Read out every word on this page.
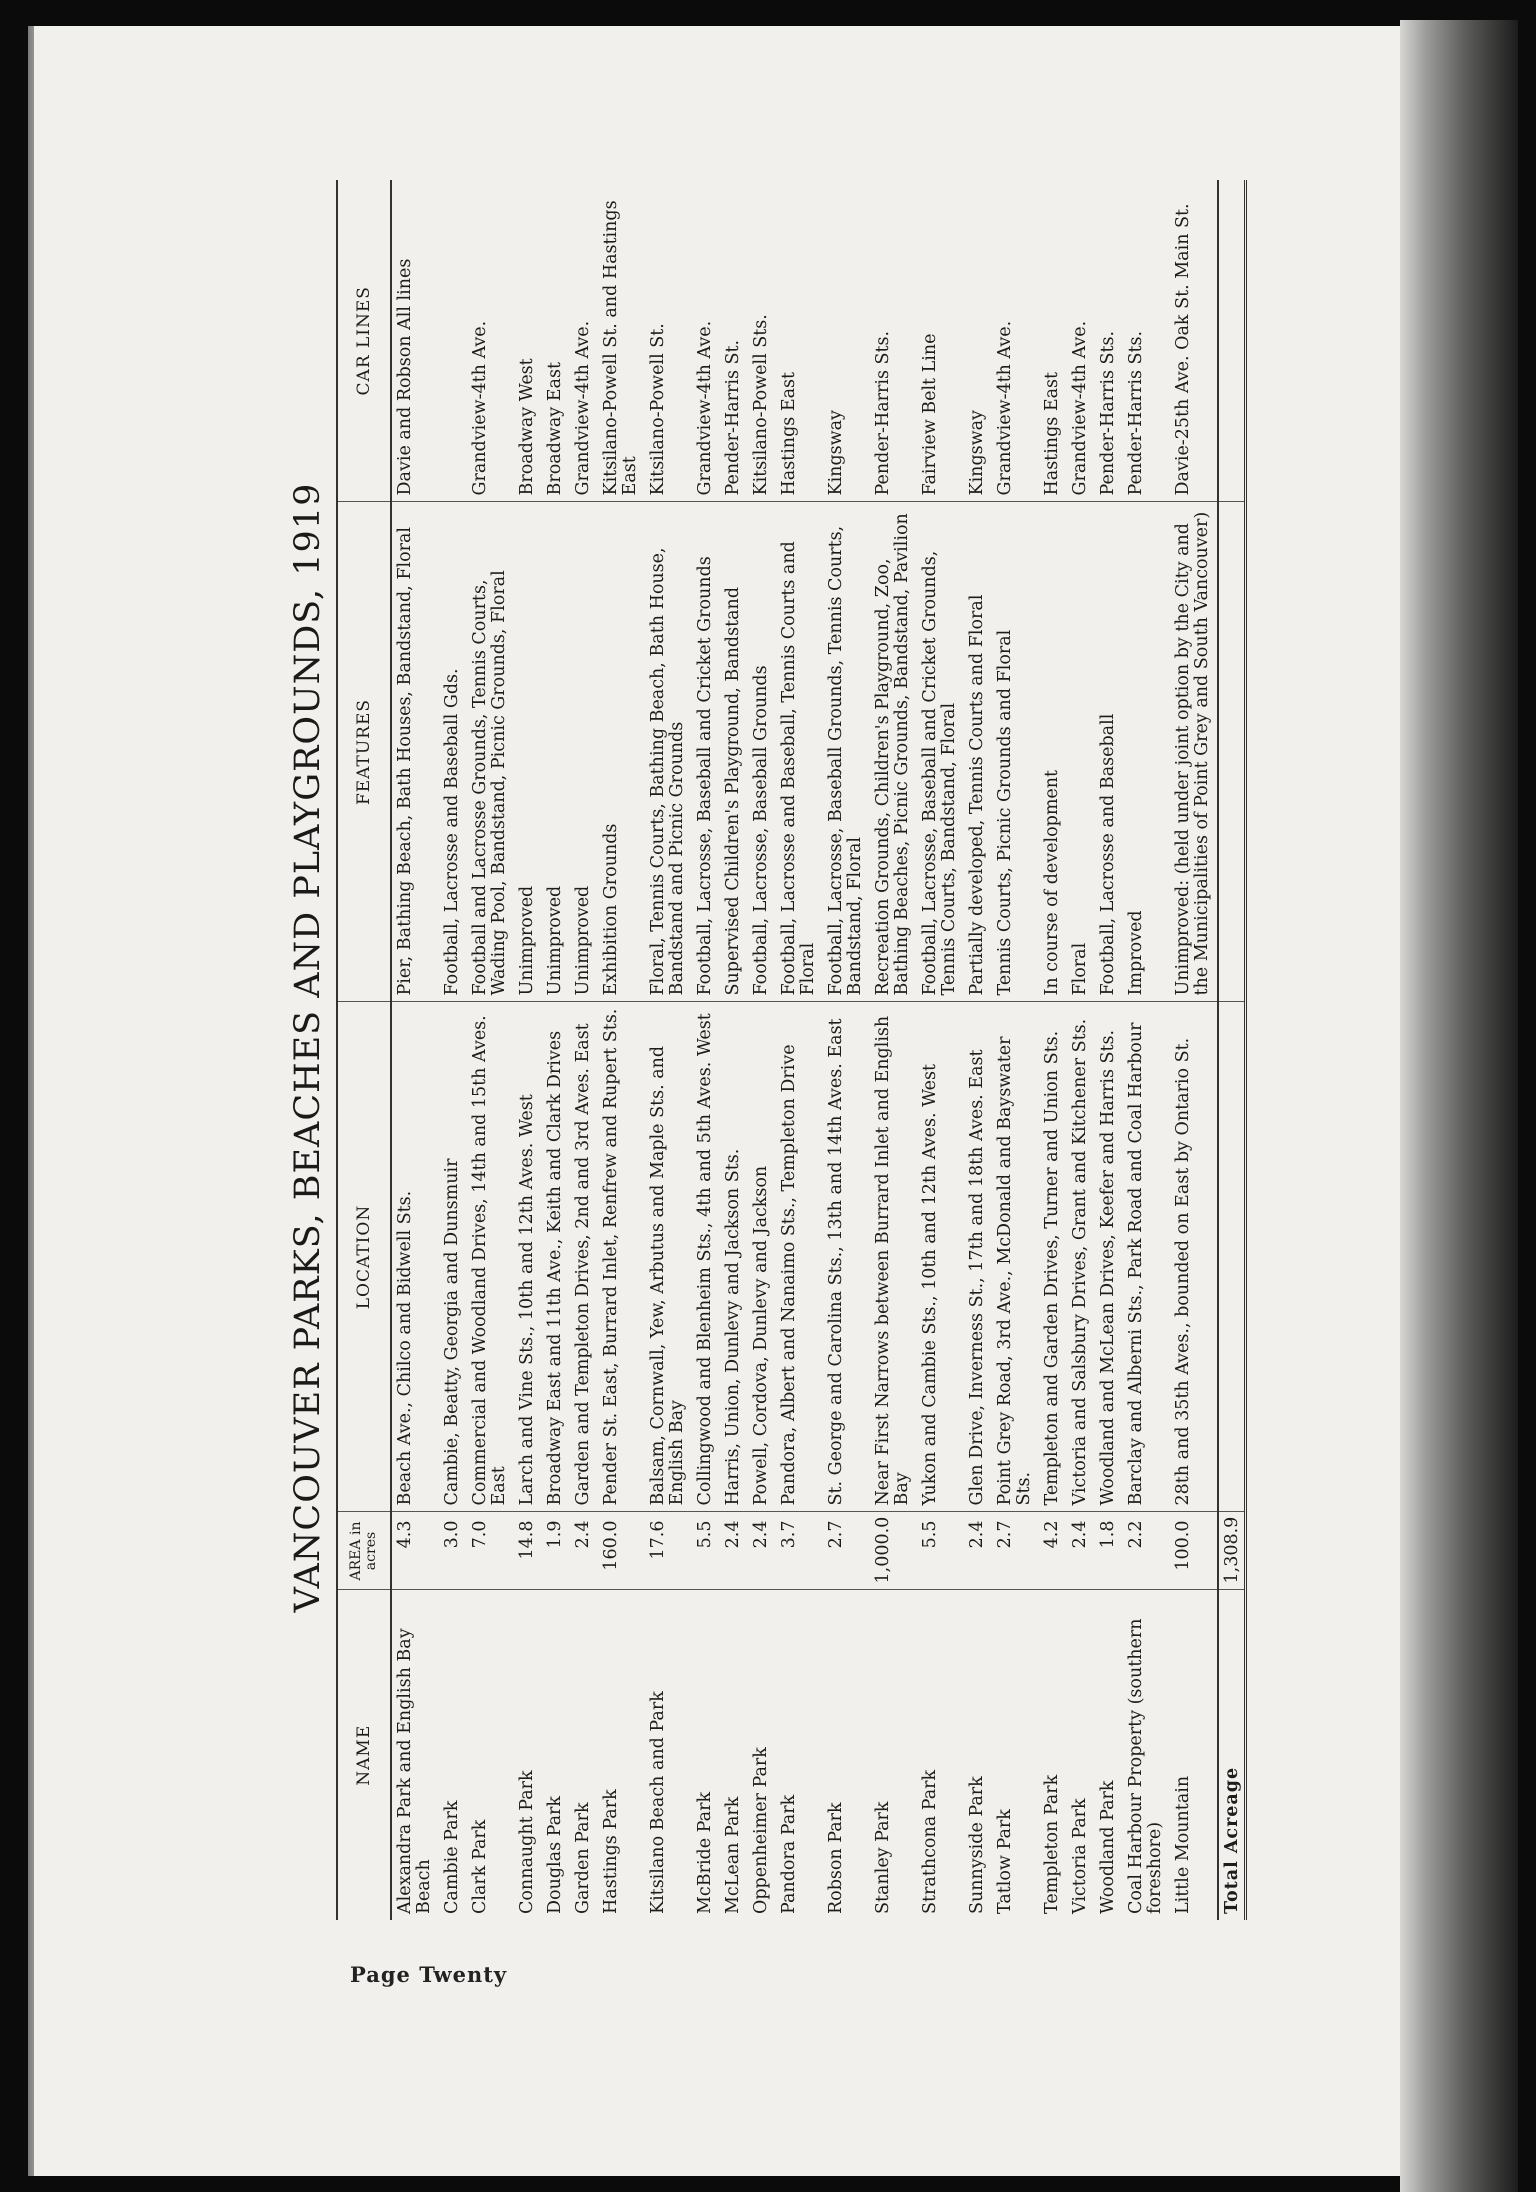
Page Twenty
VANCOUVER PARKS, BEACHES AND PLAYGROUNDS, 1919
NAME	AREA in acres	LOCATION	FEATURES	CAR LINES
Alexandra Park and English Bay Beach	4.3	Beach Ave., Chilco and Bidwell Sts.	Pier, Bathing Beach, Bath Houses, Bandstand, Floral	Davie and Robson All lines
Cambie Park	3.0	Cambie, Beatty, Georgia and Dunsmuir	Football, Lacrosse and Baseball Gds.	
Clark Park	7.0	Commercial and Woodland Drives, 14th and 15th Aves. East	Football and Lacrosse Grounds, Tennis Courts, Wading Pool, Bandstand, Picnic Grounds, Floral	Grandview-4th Ave.
Connaught Park	14.8	Larch and Vine Sts., 10th and 12th Aves. West	Unimproved	Broadway West
Douglas Park	1.9	Broadway East and 11th Ave., Keith and Clark Drives	Unimproved	Broadway East
Garden Park	2.4	Garden and Templeton Drives, 2nd and 3rd Aves. East	Unimproved	Grandview-4th Ave.
Hastings Park	160.0	Pender St. East, Burrard Inlet, Renfrew and Rupert Sts.	Exhibition Grounds	Kitsilano-Powell St. and Hastings East
Kitsilano Beach and Park	17.6	Balsam, Cornwall, Yew, Arbutus and Maple Sts. and English Bay	Floral, Tennis Courts, Bathing Beach, Bath House, Bandstand and Picnic Grounds	Kitsilano-Powell St.
McBride Park	5.5	Collingwood and Blenheim Sts., 4th and 5th Aves. West	Football, Lacrosse, Baseball and Cricket Grounds	Grandview-4th Ave.
McLean Park	2.4	Harris, Union, Dunlevy and Jackson Sts.	Supervised Children's Playground, Bandstand	Pender-Harris St.
Oppenheimer Park	2.4	Powell, Cordova, Dunlevy and Jackson	Football, Lacrosse, Baseball Grounds	Kitsilano-Powell Sts.
Pandora Park	3.7	Pandora, Albert and Nanaimo Sts., Templeton Drive	Football, Lacrosse and Baseball, Tennis Courts and Floral	Hastings East
Robson Park	2.7	St. George and Carolina Sts., 13th and 14th Aves. East	Football, Lacrosse, Baseball Grounds, Tennis Courts, Bandstand, Floral	Kingsway
Stanley Park	1,000.0	Near First Narrows between Burrard Inlet and English Bay	Recreation Grounds, Children's Playground, Zoo, Bathing Beaches, Picnic Grounds, Bandstand, Pavilion	Pender-Harris Sts.
Strathcona Park	5.5	Yukon and Cambie Sts., 10th and 12th Aves. West	Football, Lacrosse, Baseball and Cricket Grounds, Tennis Courts, Bandstand, Floral	Fairview Belt Line
Sunnyside Park	2.4	Glen Drive, Inverness St., 17th and 18th Aves. East	Partially developed, Tennis Courts and Floral	Kingsway
Tatlow Park	2.7	Point Grey Road, 3rd Ave., McDonald and Bayswater Sts.	Tennis Courts, Picnic Grounds and Floral	Grandview-4th Ave.
Templeton Park	4.2	Templeton and Garden Drives, Turner and Union Sts.	In course of development	Hastings East
Victoria Park	2.4	Victoria and Salsbury Drives, Grant and Kitchener Sts.	Floral	Grandview-4th Ave.
Woodland Park	1.8	Woodland and McLean Drives, Keefer and Harris Sts.	Football, Lacrosse and Baseball	Pender-Harris Sts.
Coal Harbour Property (southern foreshore)	2.2	Barclay and Alberni Sts., Park Road and Coal Harbour	Improved	Pender-Harris Sts.
Little Mountain	100.0	28th and 35th Aves., bounded on East by Ontario St.	Unimproved: (held under joint option by the City and the Municipalities of Point Grey and South Vancouver)	Davie-25th Ave. Oak St. Main St.
Total Acreage	1,308.9			
